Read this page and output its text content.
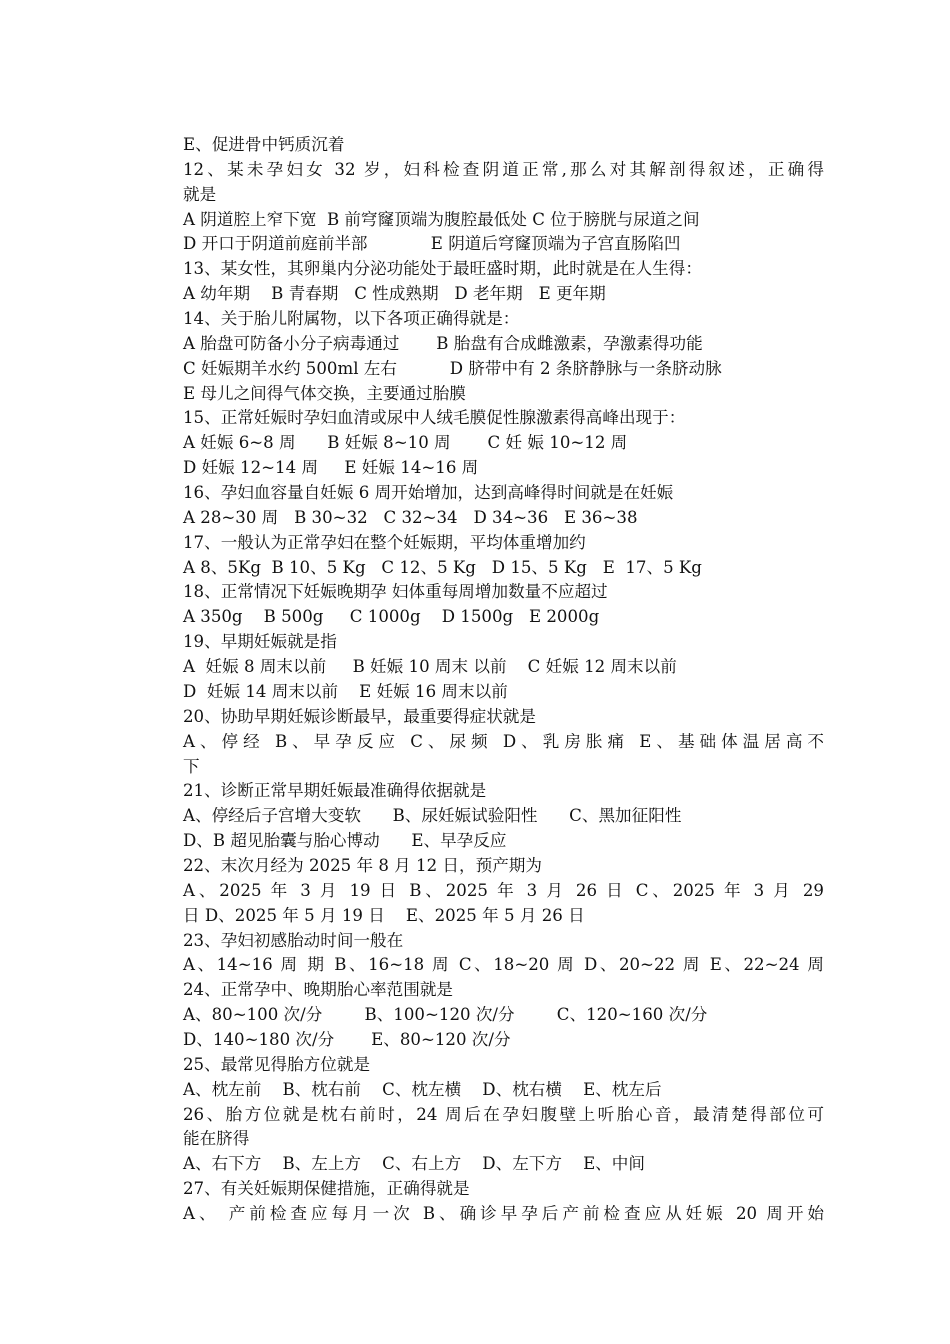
E、促进骨中钙质沉着
12、某未孕妇女 32 岁，妇科检查阴道正常,那么对其解剖得叙述，正确得
就是
A 阴道腔上窄下宽  B 前穹窿顶端为腹腔最低处 C 位于膀胱与尿道之间
D 开口于阴道前庭前半部            E 阴道后穹窿顶端为子宫直肠陷凹
13、某女性，其卵巢内分泌功能处于最旺盛时期，此时就是在人生得：
A 幼年期    B 青春期   C 性成熟期   D 老年期   E 更年期
14、关于胎儿附属物，以下各项正确得就是：
A 胎盘可防备小分子病毒通过       B 胎盘有合成雌激素，孕激素得功能
C 妊娠期羊水约 500ml 左右          D 脐带中有 2 条脐静脉与一条脐动脉
E 母儿之间得气体交换，主要通过胎膜
15、正常妊娠时孕妇血清或尿中人绒毛膜促性腺激素得高峰出现于：
A 妊娠 6~8 周      B 妊娠 8~10 周       C 妊 娠 10~12 周
D 妊娠 12~14 周     E 妊娠 14~16 周
16、孕妇血容量自妊娠 6 周开始增加，达到高峰得时间就是在妊娠
A 28~30 周   B 30~32   C 32~34   D 34~36   E 36~38
17、一般认为正常孕妇在整个妊娠期，平均体重增加约
A 8、5Kg  B 10、5 Kg   C 12、5 Kg   D 15、5 Kg   E  17、5 Kg
18、正常情况下妊娠晚期孕 妇体重每周增加数量不应超过
A 350g    B 500g     C 1000g    D 1500g   E 2000g
19、早期妊娠就是指
A  妊娠 8 周末以前     B 妊娠 10 周末 以前    C 妊娠 12 周末以前
D  妊娠 14 周末以前    E 妊娠 16 周末以前
20、协助早期妊娠诊断最早，最重要得症状就是
A、停经 B、早孕反应 C、尿频 D、乳房胀痛 E、基础体温居高不
下
21、诊断正常早期妊娠最准确得依据就是
A、停经后子宫增大变软      B、尿妊娠试验阳性      C、黑加征阳性
D、B 超见胎囊与胎心博动      E、早孕反应
22、末次月经为 2025 年 8 月 12 日，预产期为
A、2025 年 3 月 19 日 B、2025 年 3 月 26 日 C、2025 年 3 月 29
日 D、2025 年 5 月 19 日    E、2025 年 5 月 26 日
23、孕妇初感胎动时间一般在
A、14~16 周 期 B、16~18 周 C、18~20 周 D、20~22 周 E、22~24 周
24、正常孕中、晚期胎心率范围就是
A、80~100 次/分        B、100~120 次/分        C、120~160 次/分
D、140~180 次/分       E、80~120 次/分
25、最常见得胎方位就是
A、枕左前    B、枕右前    C、枕左横    D、枕右横    E、枕左后
26、胎方位就是枕右前时，24 周后在孕妇腹壁上听胎心音，最清楚得部位可
能在脐得
A、右下方    B、左上方    C、右上方    D、左下方    E、中间
27、有关妊娠期保健措施，正确得就是
A、 产前检查应每月一次 B、确诊早孕后产前检查应从妊娠 20 周开始
